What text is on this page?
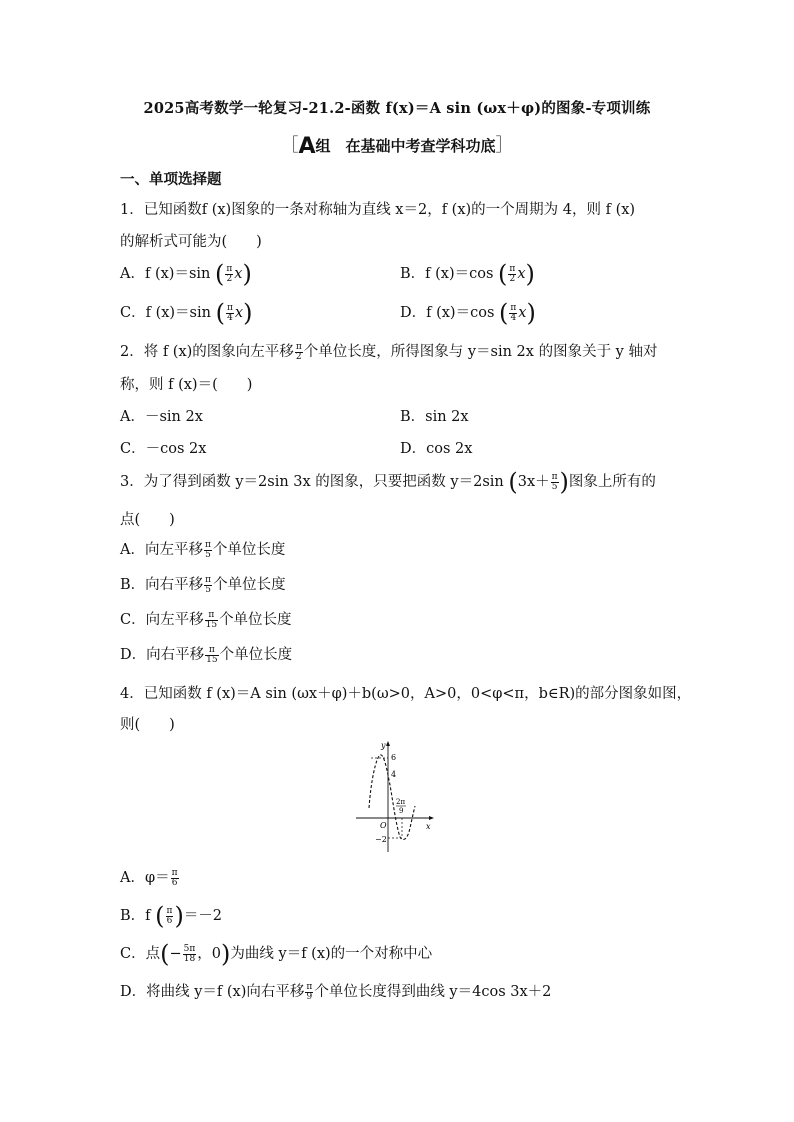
2025高考数学一轮复习-21.2-函数 f(x)＝A sin (ωx＋φ)的图象-专项训练
［A组　在基础中考查学科功底］
一、单项选择题
1．已知函数f (x)图象的一条对称轴为直线 x＝2，f (x)的一个周期为 4，则 f (x)
的解析式可能为(　　)
A．f (x)＝sin ( $\frac{\pi}{2} x$)	B．f (x)＝cos ( $\frac{\pi}{2} x$)
C．f (x)＝sin ( $\frac{\pi}{4} x$)	D．f (x)＝cos ( $\frac{\pi}{4} x$)
2．将 f (x)的图象向左平移 $\frac{\pi}{2}$ 个单位长度，所得图象与 y＝sin 2x 的图象关于 y 轴对
称，则 f (x)＝(　　)
A．－sin 2x	B．sin 2x
C．－cos 2x	D．cos 2x
3．为了得到函数 y＝2sin 3x 的图象，只要把函数 y＝2sin ($3x+ \frac{\pi}{5}$ )图象上所有的
点(　　)
A．向左平移 $\frac{\pi}{5}$ 个单位长度
B．向右平移 $\frac{\pi}{5}$ 个单位长度
C．向左平移 $\frac{\pi}{15}$ 个单位长度
D．向右平移 $\frac{\pi}{15}$ 个单位长度
4．已知函数 f (x)＝A sin (ωx＋φ)＋b(ω>0，A>0，0<φ<π，b∈R)的部分图象如图，
则(　　)
y
x
O
6
4
−2
2π
9
A．$\varphi= \frac{\pi}{6}$
B．f ( $\frac{\pi}{6} )=-2$
C．点(− $\frac{5\pi}{18}$ ，0)为曲线 y＝f (x)的一个对称中心
D．将曲线 y＝f (x)向右平移 $\frac{\pi}{9}$ 个单位长度得到曲线 y＝4cos 3x＋2
